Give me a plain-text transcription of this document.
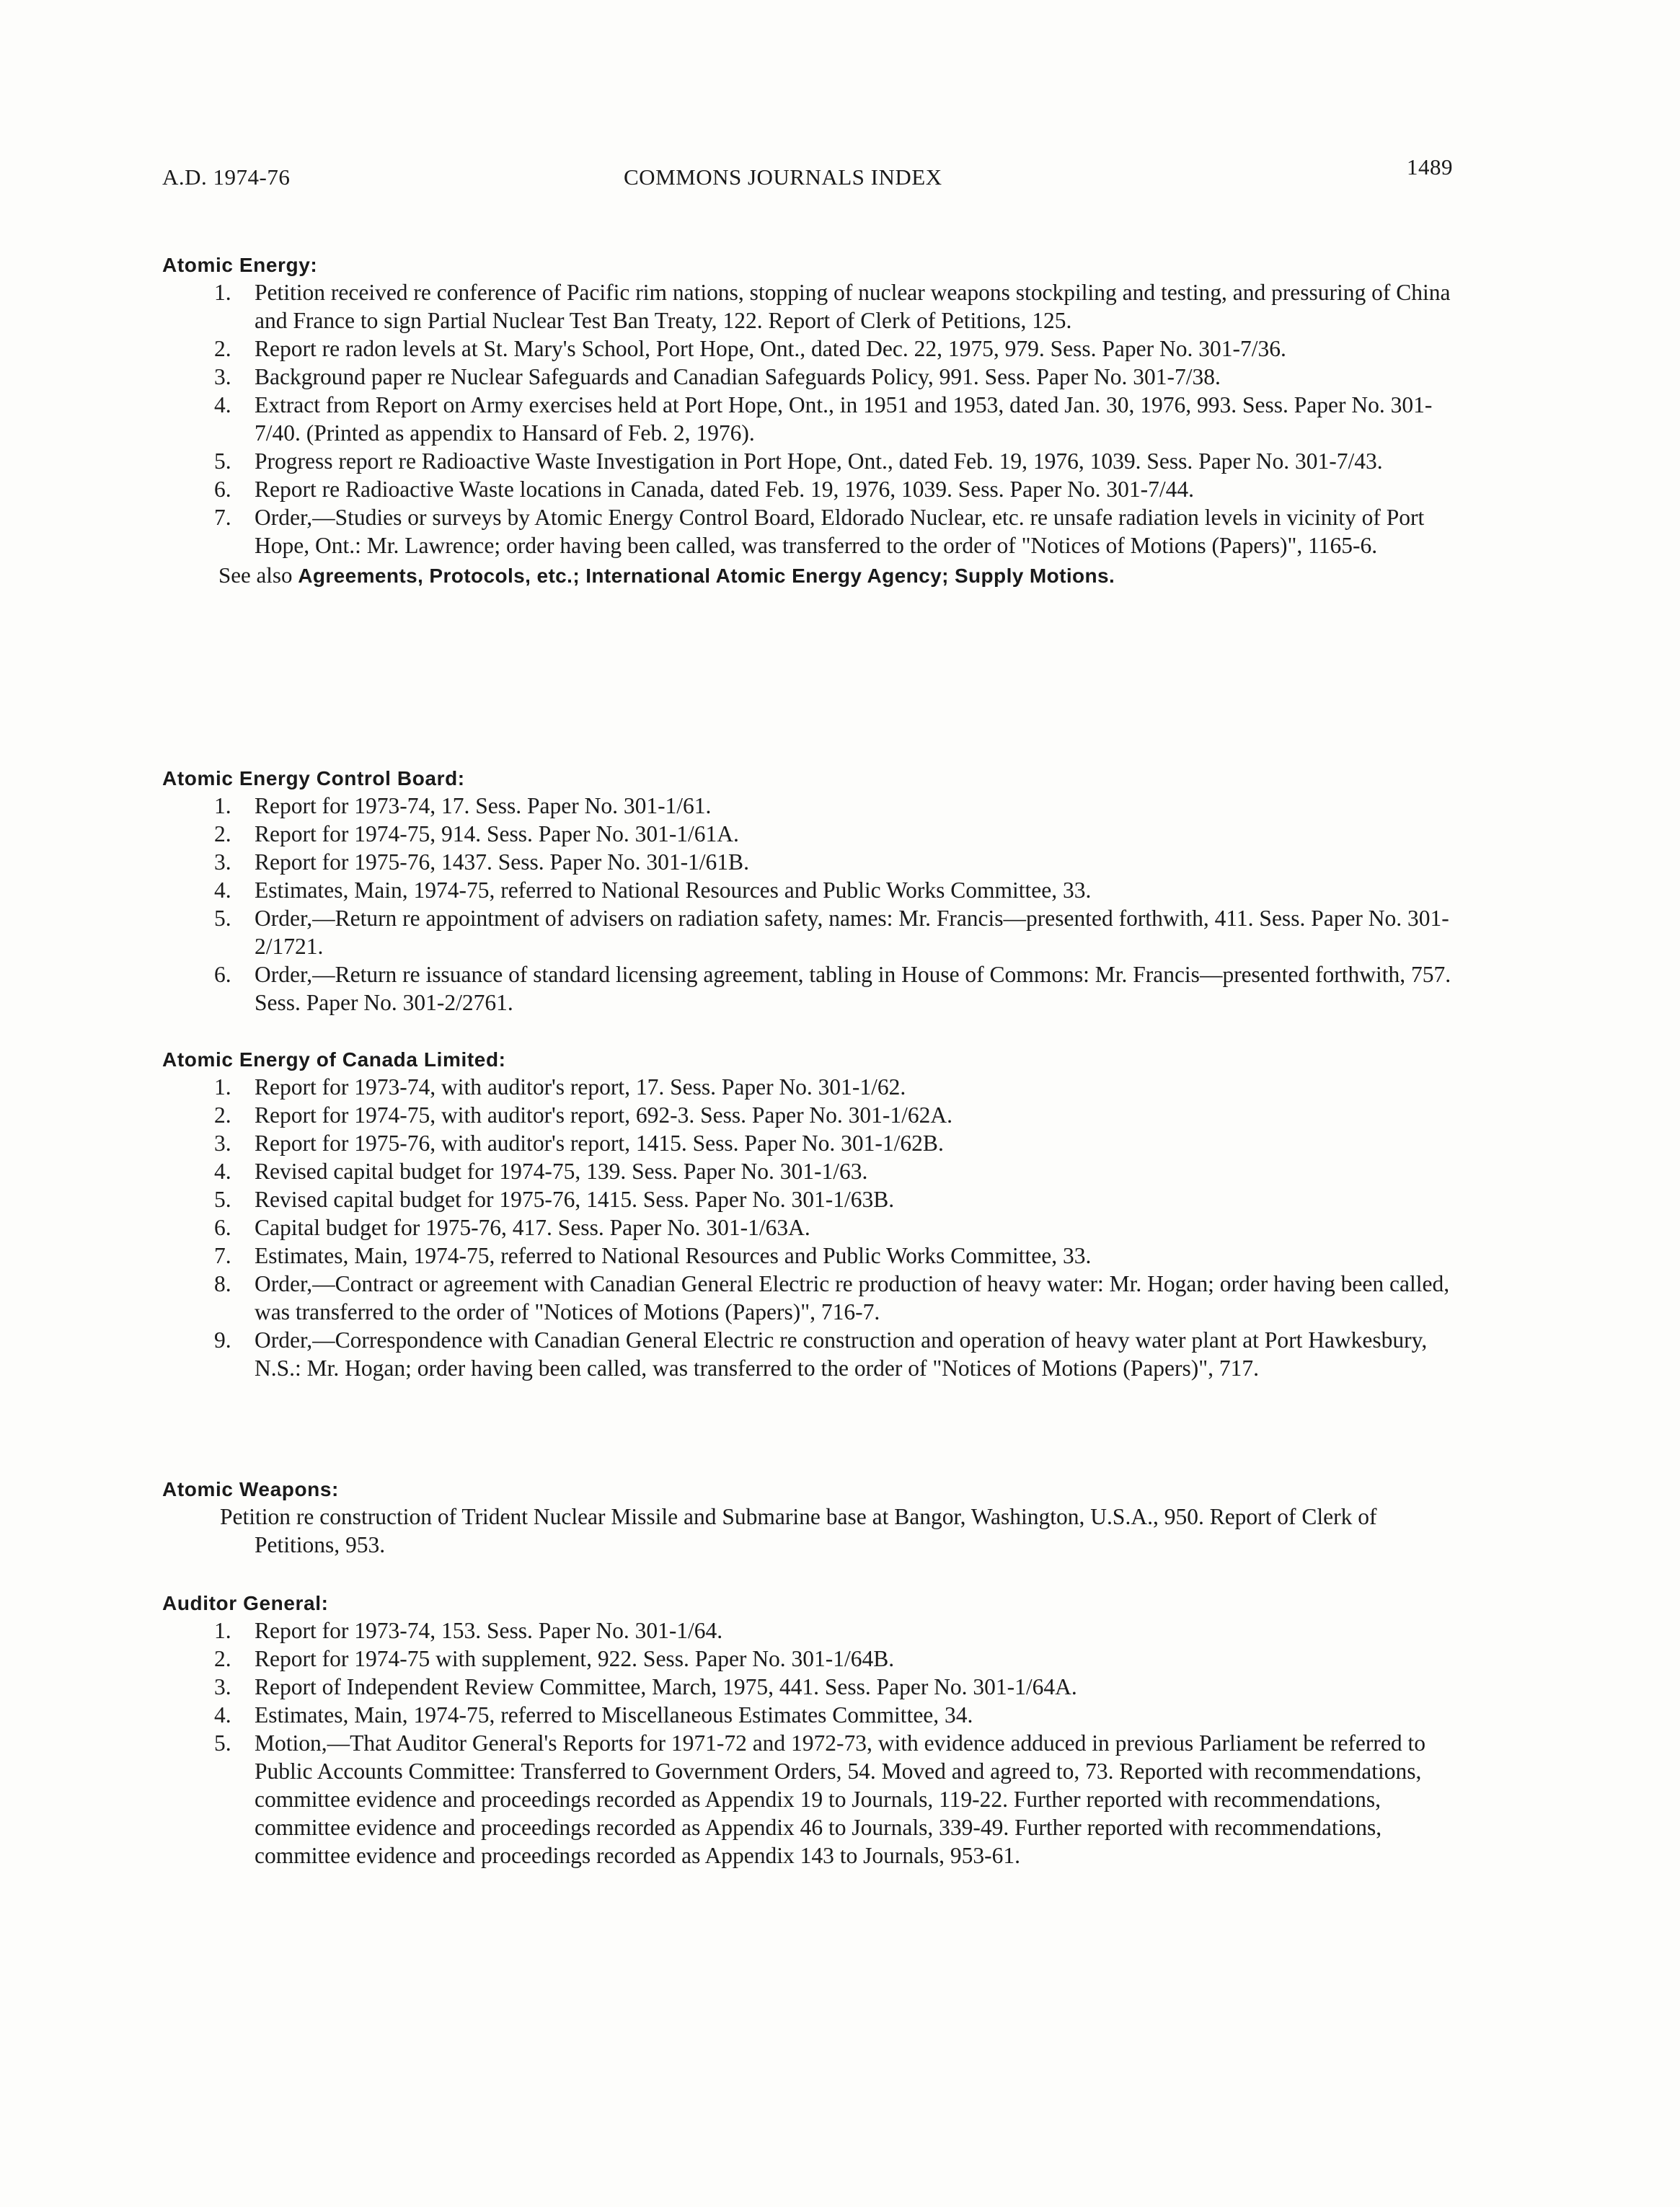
A.D. 1974-76	COMMONS JOURNALS INDEX	1489
Atomic Energy:
1. Petition received re conference of Pacific rim nations, stopping of nuclear weapons stockpiling and testing, and pressuring of China and France to sign Partial Nuclear Test Ban Treaty, 122. Report of Clerk of Petitions, 125.
2. Report re radon levels at St. Mary's School, Port Hope, Ont., dated Dec. 22, 1975, 979. Sess. Paper No. 301-7/36.
3. Background paper re Nuclear Safeguards and Canadian Safeguards Policy, 991. Sess. Paper No. 301-7/38.
4. Extract from Report on Army exercises held at Port Hope, Ont., in 1951 and 1953, dated Jan. 30, 1976, 993. Sess. Paper No. 301-7/40. (Printed as appendix to Hansard of Feb. 2, 1976).
5. Progress report re Radioactive Waste Investigation in Port Hope, Ont., dated Feb. 19, 1976, 1039. Sess. Paper No. 301-7/43.
6. Report re Radioactive Waste locations in Canada, dated Feb. 19, 1976, 1039. Sess. Paper No. 301-7/44.
7. Order,—Studies or surveys by Atomic Energy Control Board, Eldorado Nuclear, etc. re unsafe radiation levels in vicinity of Port Hope, Ont.: Mr. Lawrence; order having been called, was transferred to the order of "Notices of Motions (Papers)", 1165-6.
See also Agreements, Protocols, etc.; International Atomic Energy Agency; Supply Motions.
Atomic Energy Control Board:
1. Report for 1973-74, 17. Sess. Paper No. 301-1/61.
2. Report for 1974-75, 914. Sess. Paper No. 301-1/61A.
3. Report for 1975-76, 1437. Sess. Paper No. 301-1/61B.
4. Estimates, Main, 1974-75, referred to National Resources and Public Works Committee, 33.
5. Order,—Return re appointment of advisers on radiation safety, names: Mr. Francis—presented forthwith, 411. Sess. Paper No. 301-2/1721.
6. Order,—Return re issuance of standard licensing agreement, tabling in House of Commons: Mr. Francis—presented forthwith, 757. Sess. Paper No. 301-2/2761.
Atomic Energy of Canada Limited:
1. Report for 1973-74, with auditor's report, 17. Sess. Paper No. 301-1/62.
2. Report for 1974-75, with auditor's report, 692-3. Sess. Paper No. 301-1/62A.
3. Report for 1975-76, with auditor's report, 1415. Sess. Paper No. 301-1/62B.
4. Revised capital budget for 1974-75, 139. Sess. Paper No. 301-1/63.
5. Revised capital budget for 1975-76, 1415. Sess. Paper No. 301-1/63B.
6. Capital budget for 1975-76, 417. Sess. Paper No. 301-1/63A.
7. Estimates, Main, 1974-75, referred to National Resources and Public Works Committee, 33.
8. Order,—Contract or agreement with Canadian General Electric re production of heavy water: Mr. Hogan; order having been called, was transferred to the order of "Notices of Motions (Papers)", 716-7.
9. Order,—Correspondence with Canadian General Electric re construction and operation of heavy water plant at Port Hawkesbury, N.S.: Mr. Hogan; order having been called, was transferred to the order of "Notices of Motions (Papers)", 717.
Atomic Weapons:
Petition re construction of Trident Nuclear Missile and Submarine base at Bangor, Washington, U.S.A., 950. Report of Clerk of Petitions, 953.
Auditor General:
1. Report for 1973-74, 153. Sess. Paper No. 301-1/64.
2. Report for 1974-75 with supplement, 922. Sess. Paper No. 301-1/64B.
3. Report of Independent Review Committee, March, 1975, 441. Sess. Paper No. 301-1/64A.
4. Estimates, Main, 1974-75, referred to Miscellaneous Estimates Committee, 34.
5. Motion,—That Auditor General's Reports for 1971-72 and 1972-73, with evidence adduced in previous Parliament be referred to Public Accounts Committee: Transferred to Government Orders, 54. Moved and agreed to, 73. Reported with recommendations, committee evidence and proceedings recorded as Appendix 19 to Journals, 119-22. Further reported with recommendations, committee evidence and proceedings recorded as Appendix 46 to Journals, 339-49. Further reported with recommendations, committee evidence and proceedings recorded as Appendix 143 to Journals, 953-61.
